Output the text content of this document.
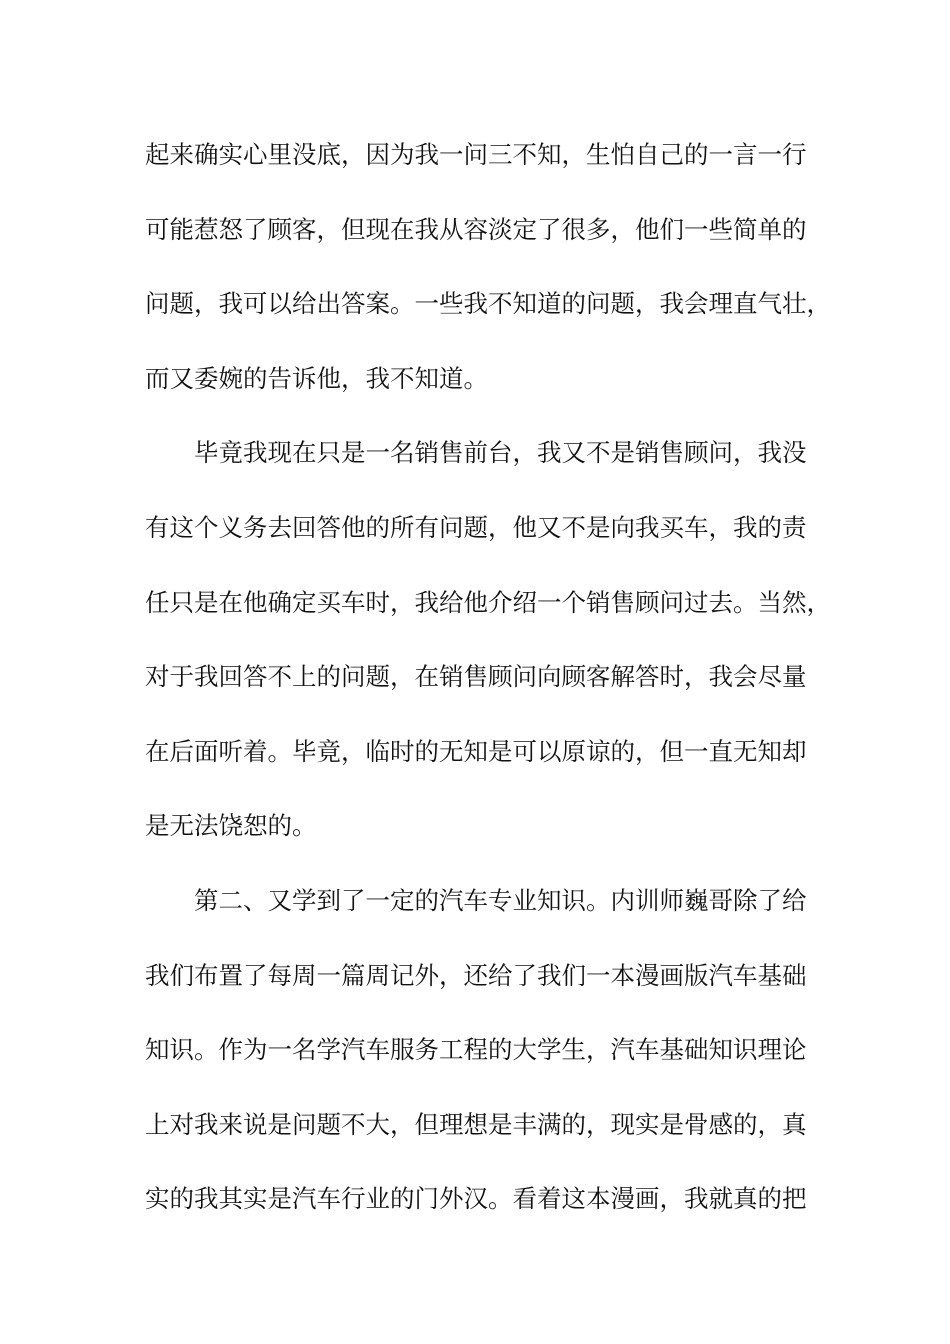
起来确实心里没底，因为我一问三不知，生怕自己的一言一行
可能惹怒了顾客，但现在我从容淡定了很多，他们一些简单的
问题，我可以给出答案。一些我不知道的问题，我会理直气壮，
而又委婉的告诉他，我不知道。
毕竟我现在只是一名销售前台，我又不是销售顾问，我没
有这个义务去回答他的所有问题，他又不是向我买车，我的责
任只是在他确定买车时，我给他介绍一个销售顾问过去。当然，
对于我回答不上的问题，在销售顾问向顾客解答时，我会尽量
在后面听着。毕竟，临时的无知是可以原谅的，但一直无知却
是无法饶恕的。
第二、又学到了一定的汽车专业知识。内训师巍哥除了给
我们布置了每周一篇周记外，还给了我们一本漫画版汽车基础
知识。作为一名学汽车服务工程的大学生，汽车基础知识理论
上对我来说是问题不大，但理想是丰满的，现实是骨感的，真
实的我其实是汽车行业的门外汉。看着这本漫画，我就真的把
